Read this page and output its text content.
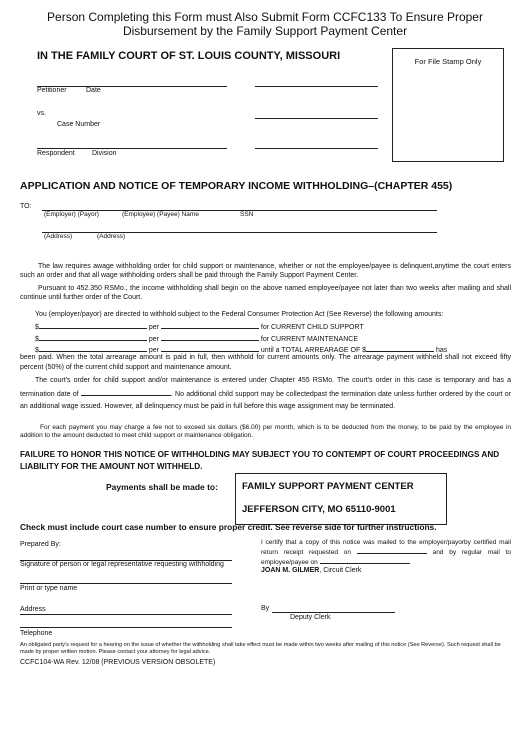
Person Completing this Form must Also Submit Form CCFC133 To Ensure Proper
Disbursement by the Family Support Payment Center
IN THE FAMILY COURT OF ST. LOUIS COUNTY, MISSOURI	For File Stamp Only
Petitioner	Date
vs.
Case Number
Respondent Division
APPLICATION AND NOTICE OF TEMPORARY INCOME WITHHOLDING–(CHAPTER 455)
TO:
(Employer) (Payor)	(Employee) (Payee) Name	SSN
(Address)	(Address)
The law requires awage withholding order for child support or maintenance, whether or not the employee/payee is delinquent,anytime the court enters such an order and that all wage withholding orders shall be paid through the Family Support Payment Center.
Pursuant to 452.350 RSMo., the income withholding shall begin on the above named employee/payee not later than two weeks after mailing and shall continue until further order of the Court.
You (employer/payor) are directed to withhold subject to the Federal Consumer Protection Act (See Reverse) the following amounts:
$	per	for CURRENT CHILD SUPPORT
$	per	for CURRENT MAINTENANCE
$	per	until a TOTAL ARREARAGE OF $	has
been paid. When the total arrearage amount is paid in full, then withhold for current amounts only. The arrearage payment withheld shall not exceed fifty percent (50%) of the current child support and maintenance amount.
The court's order for child support and/or maintenance is entered under Chapter 455 RSMo. The court's order in this case is temporary and has a termination date of	. No additional child support may be collectedpast the termination date unless further ordered by the court or an additional wage issued. However, all delinquency must be paid in full before this wage assignment may be terminated.
For each payment you may charge a fee not to exceed six dollars ($6.00) per month, which is to be deducted from the money, to be paid by the employee in addition to the amount deducted to meet child support or maintenance obligation.
FAILURE TO HONOR THIS NOTICE OF WITHHOLDING MAY SUBJECT YOU TO CONTEMPT OF COURT PROCEEDINGS AND LIABILITY FOR THE AMOUNT NOT WITHHELD.
Payments shall be made to:	FAMILY SUPPORT PAYMENT CENTER
JEFFERSON CITY, MO 65110-9001
Check must include court case number to ensure proper credit. See reverse side for further instructions.
Prepared By:
Signature of person or legal representative requesting withholding
Print or type name
Address
Telephone
I certify that a copy of this notice was mailed to the employer/payorby certified mail return receipt requested on	and by regular mail to employee/payee on
JOAN M. GILMER, Circuit Clerk
By
Deputy Clerk
An obligated party's request for a hearing on the issue of whether the withholding shall take effect must be made within two weeks after mailing of this notice (See Reverse). Such request shall be made by proper written motion. Please contact your attorney for legal advice.
CCFC104-WA Rev. 12/08 (PREVIOUS VERSION OBSOLETE)
